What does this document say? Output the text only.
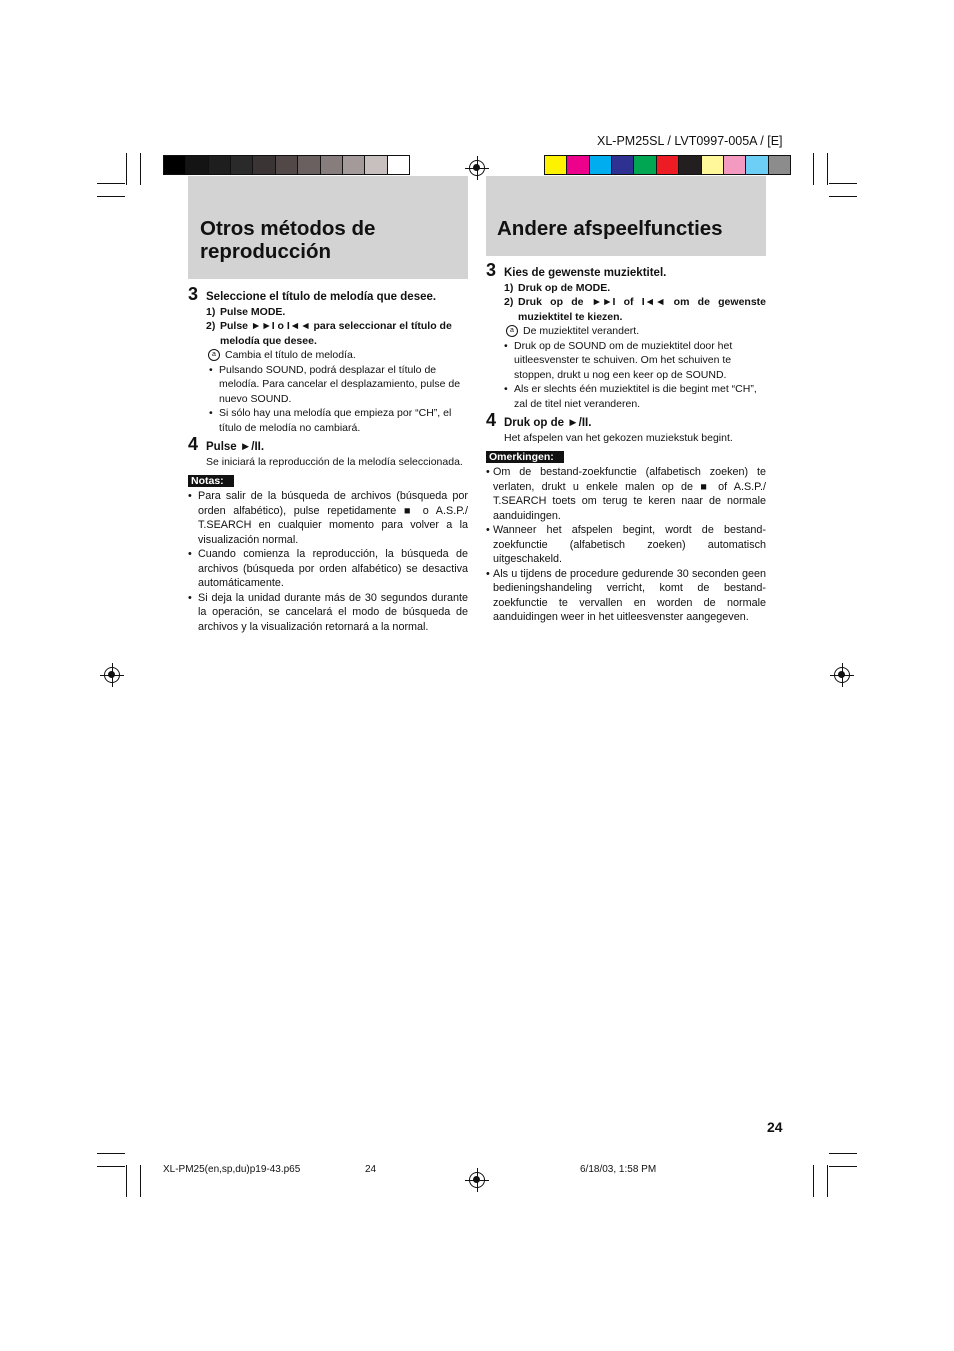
XL-PM25SL / LVT0997-005A / [E]
Otros métodos de
reproducción
Andere afspeelfuncties
3 Seleccione el título de melodía que desee.
1) Pulse MODE.
2) Pulse ►►I o I◄◄ para seleccionar el título de melodía que desee.
a Cambia el título de melodía.
• Pulsando SOUND, podrá desplazar el título de melodía. Para cancelar el desplazamiento, pulse de nuevo SOUND.
• Si sólo hay una melodía que empieza por “CH”, el título de melodía no cambiará.
4 Pulse ►/II.
Se iniciará la reproducción de la melodía seleccionada.
Notas:
• Para salir de la búsqueda de archivos (búsqueda por orden alfabético), pulse repetidamente ■ o A.S.P./ T.SEARCH en cualquier momento para volver a la visualización normal.
• Cuando comienza la reproducción, la búsqueda de archivos (búsqueda por orden alfabético) se desactiva automáticamente.
• Si deja la unidad durante más de 30 segundos durante la operación, se cancelará el modo de búsqueda de archivos y la visualización retornará a la normal.
3 Kies de gewenste muziektitel.
1) Druk op de MODE.
2) Druk op de ►►I of I◄◄ om de gewenste muziektitel te kiezen.
a De muziektitel verandert.
• Druk op de SOUND om de muziektitel door het uitleesvenster te schuiven. Om het schuiven te stoppen, drukt u nog een keer op de SOUND.
• Als er slechts één muziektitel is die begint met “CH”, zal de titel niet veranderen.
4 Druk op de ►/II.
Het afspelen van het gekozen muziekstuk begint.
Omerkingen:
• Om de bestand-zoekfunctie (alfabetisch zoeken) te verlaten, drukt u enkele malen op de ■ of A.S.P./ T.SEARCH toets om terug te keren naar de normale aanduidingen.
• Wanneer het afspelen begint, wordt de bestand-zoekfunctie (alfabetisch zoeken) automatisch uitgeschakeld.
• Als u tijdens de procedure gedurende 30 seconden geen bedieningshandeling verricht, komt de bestand-zoekfunctie te vervallen en worden de normale aanduidingen weer in het uitleesvenster aangegeven.
24
XL-PM25(en,sp,du)p19-43.p65	24	6/18/03, 1:58 PM
